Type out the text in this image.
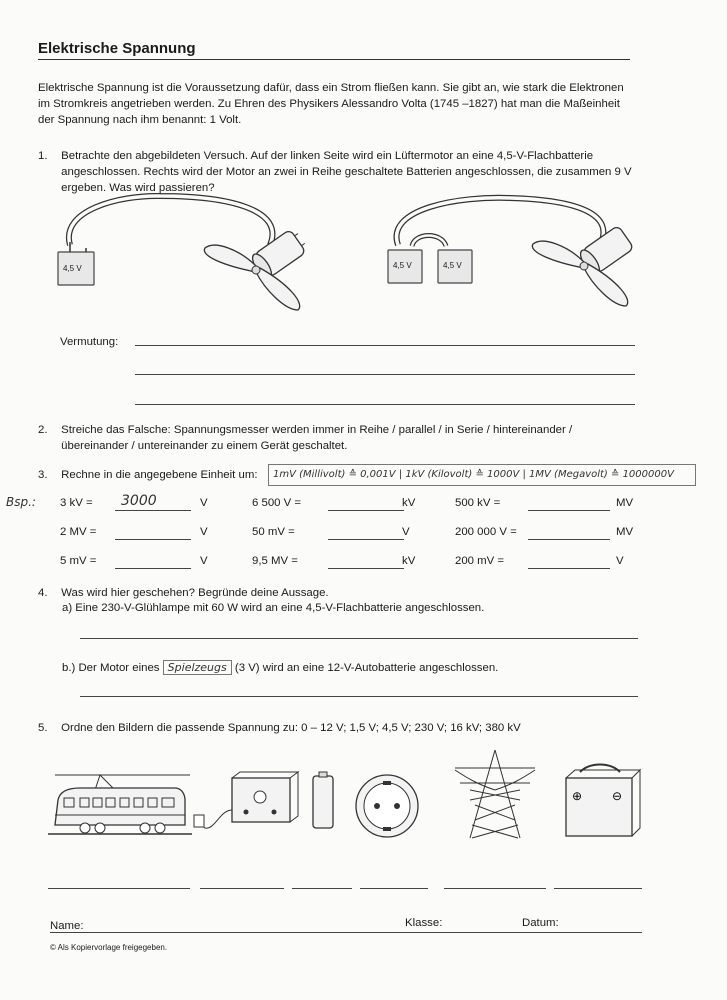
Elektrische Spannung
Elektrische Spannung ist die Voraussetzung dafür, dass ein Strom fließen kann. Sie gibt an, wie stark die Elektronen im Stromkreis angetrieben werden. Zu Ehren des Physikers Alessandro Volta (1745 –1827) hat man die Maßeinheit der Spannung nach ihm benannt: 1 Volt.
1. Betrachte den abgebildeten Versuch. Auf der linken Seite wird ein Lüftermotor an eine 4,5-V-Flachbatterie angeschlossen. Rechts wird der Motor an zwei in Reihe geschaltete Batterien angeschlossen, die zusammen 9 V ergeben. Was wird passieren?
4,5 V	4,5 V	4,5 V
Vermutung:
2. Streiche das Falsche: Spannungsmesser werden immer in Reihe / parallel / in Serie / hintereinander / übereinander / untereinander zu einem Gerät geschaltet.
3. Rechne in die angegebene Einheit um:	1mV (Millivolt) ≙ 0,001V | 1kV (Kilovolt) ≙ 1000V | 1MV (Megavolt) ≙ 1000000V
Bsp.: 3 kV = 3000	V	6 500 V =	kV	500 kV =	MV
2 MV =	V	50 mV =	V	200 000 V =	MV
5 mV =	V	9,5 MV =	kV	200 mV =	V
4. Was wird hier geschehen? Begründe deine Aussage.
a) Eine 230-V-Glühlampe mit 60 W wird an eine 4,5-V-Flachbatterie angeschlossen.
b.) Der Motor eines Spielzeugs (3 V) wird an eine 12-V-Autobatterie angeschlossen.
5. Ordne den Bildern die passende Spannung zu: 0 – 12 V; 1,5 V; 4,5 V; 230 V; 16 kV; 380 kV
⊕ ⊖
Name:	Klasse:	Datum:
© Als Kopiervorlage freigegeben.
